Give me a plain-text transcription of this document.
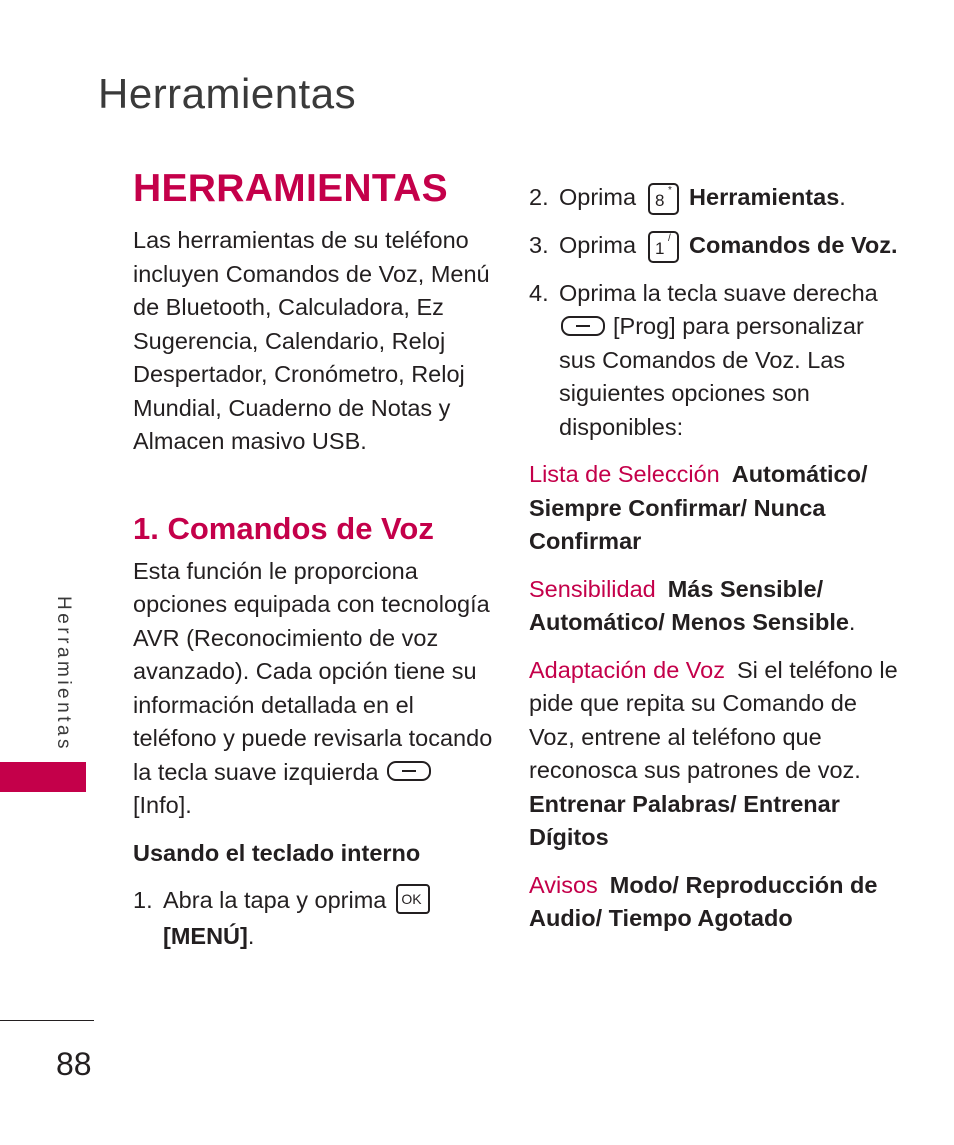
Herramientas
Herramientas
88
HERRAMIENTAS

Las herramientas de su teléfono incluyen Comandos de Voz, Menú de Bluetooth, Calculadora, Ez Sugerencia, Calendario, Reloj Despertador, Cronómetro, Reloj Mundial, Cuaderno de Notas y Almacen masivo USB.

1. Comandos de Voz

Esta función le proporciona opciones equipada con tecnología AVR (Reconocimiento de voz avanzado). Cada opción tiene su información detallada en el teléfono y puede revisarla tocando la tecla suave izquierda [Info].

Usando el teclado interno
1. Abra la tapa y oprima OK

[MENÚ].
2. Oprima 8
* Herramientas.
3. Oprima 1
/ Comandos de Voz.
4. Oprima la tecla suave derecha
[Prog] para personalizar sus Comandos de Voz. Las siguientes opciones son disponibles:
Lista de Selección Automático/ Siempre Confirmar/ Nunca Confirmar
Sensibilidad Más Sensible/ Automático/ Menos Sensible.
Adaptación de Voz Si el teléfono le pide que repita su Comando de Voz, entrene al teléfono que reconosca sus patrones de voz. Entrenar Palabras/ Entrenar Dígitos
Avisos Modo/ Reproducción de Audio/ Tiempo Agotado
